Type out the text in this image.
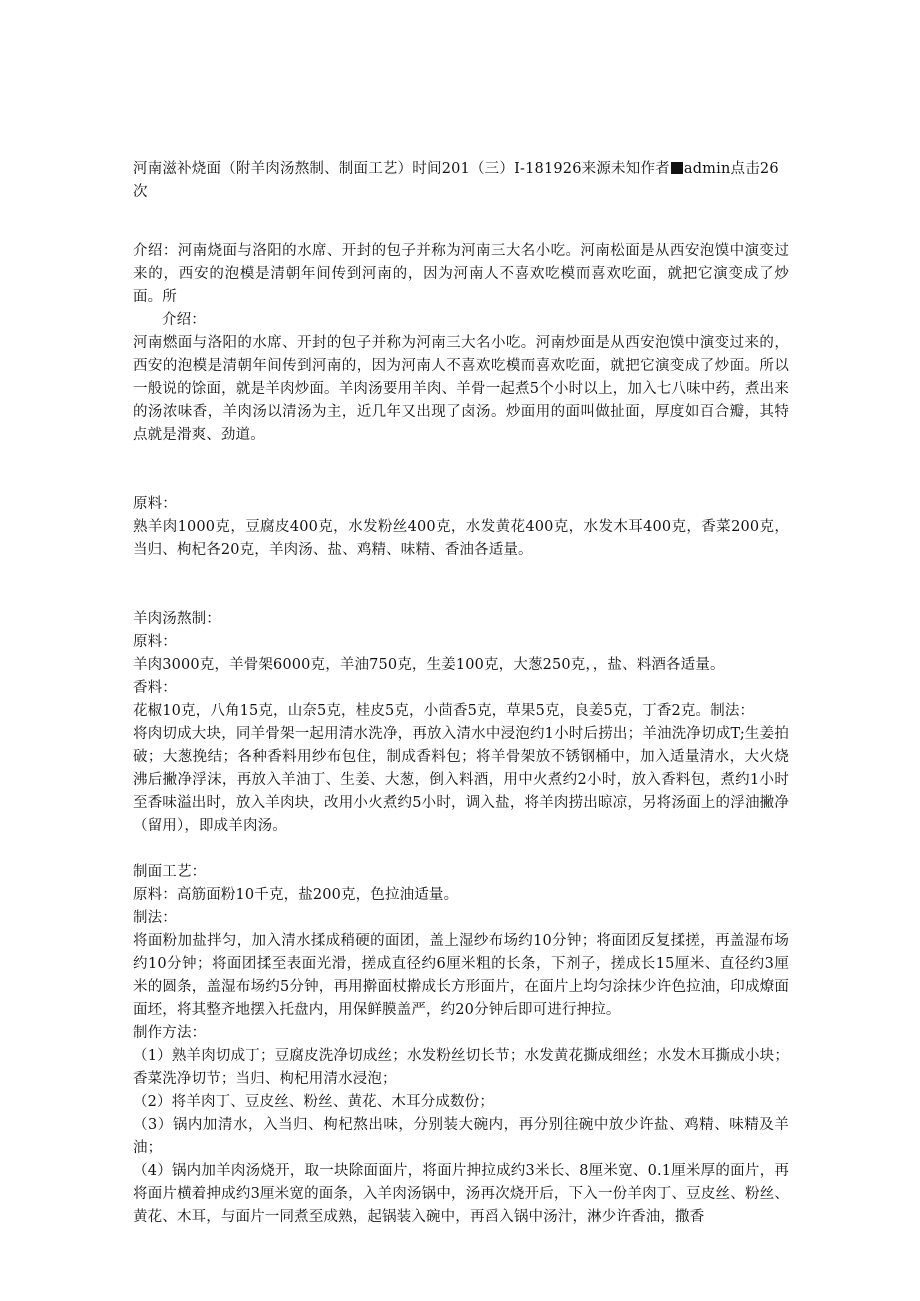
河南滋补烧面（附羊肉汤熬制、制面工艺）时间201（三）I-181926来源未知作者 admin点击26次

介绍：河南烧面与洛阳的水席、开封的包子并称为河南三大名小吃。河南松面是从西安泡馍中演变过来的，西安的泡模是清朝年间传到河南的，因为河南人不喜欢吃模而喜欢吃面，就把它演变成了炒面。所

介绍：

河南燃面与洛阳的水席、开封的包子并称为河南三大名小吃。河南炒面是从西安泡馍中演变过来的，西安的泡模是清朝年间传到河南的，因为河南人不喜欢吃模而喜欢吃面，就把它演变成了炒面。所以一般说的馀面，就是羊肉炒面。羊肉汤要用羊肉、羊骨一起煮5个小时以上，加入七八味中药，煮出来的汤浓味香，羊肉汤以清汤为主，近几年又出现了卤汤。炒面用的面叫做扯面，厚度如百合瓣，其特点就是滑爽、劲道。

原料：

熟羊肉1000克，豆腐皮400克，水发粉丝400克，水发黄花400克，水发木耳400克，香菜200克，当归、枸杞各20克，羊肉汤、盐、鸡精、味精、香油各适量。

羊肉汤熬制：

原料：

羊肉3000克，羊骨架6000克，羊油750克，生姜100克，大葱250克，，盐、料酒各适量。

香料：

花椒10克，八角15克，山奈5克，桂皮5克，小茴香5克，草果5克，良姜5克，丁香2克。制法：

将肉切成大块，同羊骨架一起用清水洗净，再放入清水中浸泡约1小时后捞出；羊油洗净切成T;生姜拍破；大葱挽结；各种香料用纱布包住，制成香料包；将羊骨架放不锈钢桶中，加入适量清水，大火烧沸后撇净浮沫，再放入羊油丁、生姜、大葱，倒入料酒，用中火煮约2小时，放入香料包，煮约1小时至香味溢出时，放入羊肉块，改用小火煮约5小时，调入盐，将羊肉捞出晾凉，另将汤面上的浮油撇净（留用），即成羊肉汤。

制面工艺：

原料：高筋面粉10千克，盐200克，色拉油适量。

制法：

将面粉加盐拌匀，加入清水揉成稍硬的面团，盖上湿纱布场约10分钟；将面团反复揉搓，再盖湿布场约10分钟；将面团揉至表面光滑，搓成直径约6厘米粗的长条，下剂子，搓成长15厘米、直径约3厘米的圆条，盖湿布场约5分钟，再用擀面杖擀成长方形面片，在面片上均匀涂抹少许色拉油，印成燎面面坯，将其整齐地摆入托盘内，用保鲜膜盖严，约20分钟后即可进行抻拉。

制作方法：

（1）熟羊肉切成丁；豆腐皮洗净切成丝；水发粉丝切长节；水发黄花撕成细丝；水发木耳撕成小块；香菜洗净切节；当归、枸杞用清水浸泡；

（2）将羊肉丁、豆皮丝、粉丝、黄花、木耳分成数份；

（3）锅内加清水，入当归、枸杞熬出味，分别装大碗内，再分别往碗中放少许盐、鸡精、味精及羊油；

（4）锅内加羊肉汤烧开，取一块除面面片，将面片抻拉成约3米长、8厘米宽、0.1厘米厚的面片，再将面片横着抻成约3厘米宽的面条，入羊肉汤锅中，汤再次烧开后，下入一份羊肉丁、豆皮丝、粉丝、黄花、木耳，与面片一同煮至成熟，起锅装入碗中，再舀入锅中汤汁，淋少许香油，撒香
